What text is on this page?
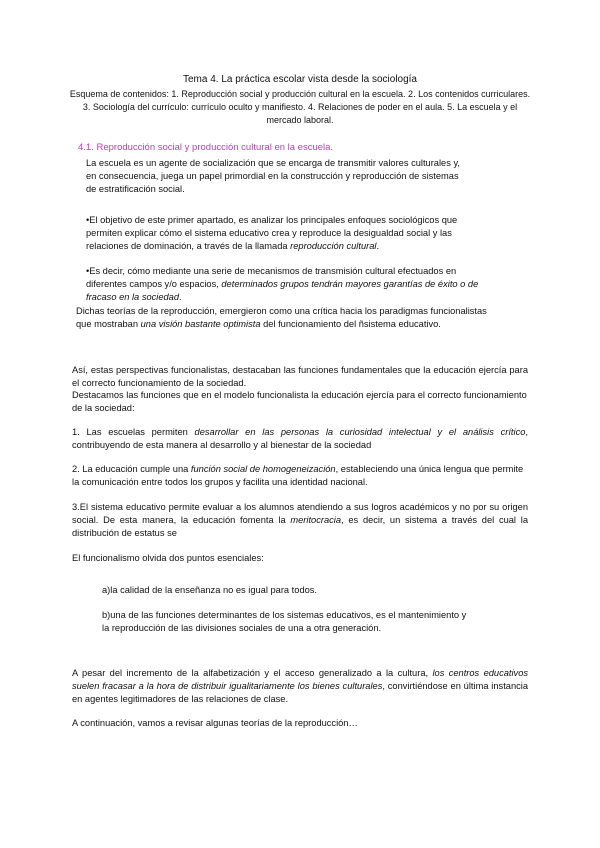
Tema 4. La práctica escolar vista desde la sociología
Esquema de contenidos: 1. Reproducción social y producción cultural en la escuela. 2. Los contenidos curriculares. 3. Sociología del currículo: currículo oculto y manifiesto. 4. Relaciones de poder en el aula. 5. La escuela y el mercado laboral.
4.1. Reproducción social y producción cultural en la escuela.
La escuela es un agente de socialización que se encarga de transmitir valores culturales y, en consecuencia, juega un papel primordial en la construcción y reproducción de sistemas de estratificación social.
•El objetivo de este primer apartado, es analizar los principales enfoques sociológicos que permiten explicar cómo el sistema educativo crea y reproduce la desigualdad social y las relaciones de dominación, a través de la llamada reproducción cultural.
•Es decir, cómo mediante una serie de mecanismos de transmisión cultural efectuados en diferentes campos y/o espacios, determinados grupos tendrán mayores garantías de éxito o de fracaso en la sociedad.
Dichas teorías de la reproducción, emergieron como una crítica hacia los paradigmas funcionalistas que mostraban una visión bastante optimista del funcionamiento del ñsistema educativo.
Así, estas perspectivas funcionalistas, destacaban las funciones fundamentales que la educación ejercía para el correcto funcionamiento de la sociedad.
Destacamos las funciones que en el modelo funcionalista la educación ejercía para el correcto funcionamiento de la sociedad:
1. Las escuelas permiten desarrollar en las personas la curiosidad intelectual y el análisis crítico, contribuyendo de esta manera al desarrollo y al bienestar de la sociedad
2. La educación cumple una función social de homogeneización, estableciendo una única lengua que permite la comunicación entre todos los grupos y facilita una identidad nacional.
3.El sistema educativo permite evaluar a los alumnos atendiendo a sus logros académicos y no por su origen social. De esta manera, la educación fomenta la meritocracia, es decir, un sistema a través del cual la distribución de estatus se
El funcionalismo olvida dos puntos esenciales:
a)la calidad de la enseñanza no es igual para todos.
b)una de las funciones determinantes de los sistemas educativos, es el mantenimiento y la reproducción de las divisiones sociales de una a otra generación.
A pesar del incremento de la alfabetización y el acceso generalizado a la cultura, los centros educativos suelen fracasar a la hora de distribuir igualitariamente los bienes culturales, convirtiéndose en última instancia en agentes legitimadores de las relaciones de clase.
A continuación, vamos a revisar algunas teorías de la reproducción…
